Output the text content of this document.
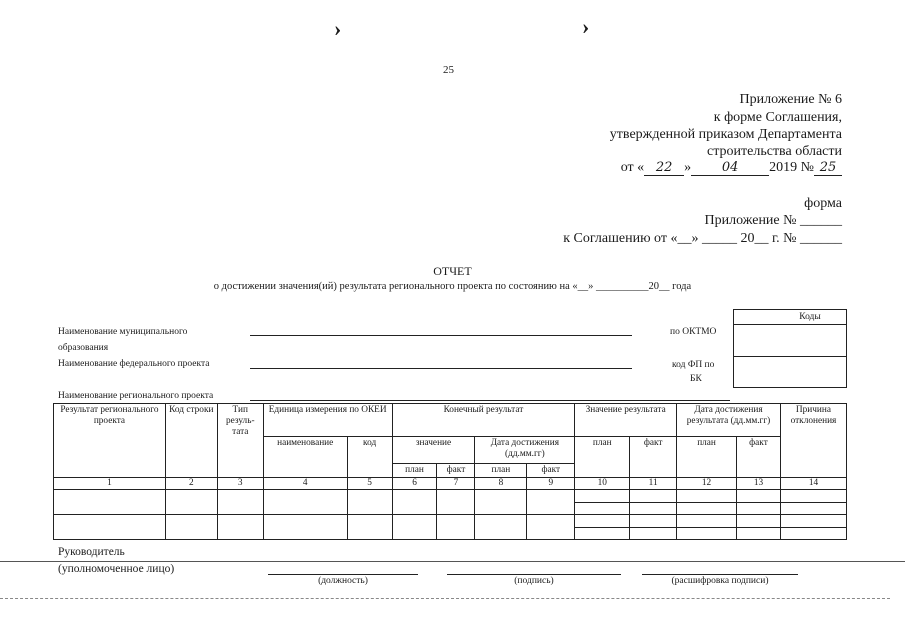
›	›
25
Приложение № 6
к форме Соглашения,
утвержденной приказом Департамента
строительства области
от « 22 » 04 2019 № 25
форма
Приложение № ______
к Соглашению от «__» _____ 20__ г. № ______
ОТЧЕТ
о достижении значения(ий) результата регионального проекта по состоянию на «__» __________20__ года
Наименование муниципального
образования
Наименование федерального проекта
Наименование регионального проекта
по ОКТМО
код ФП по
БК
Коды
Результат регионального проекта	Код строки	Тип резуль-тата	Единица измерения по ОКЕИ		Конечный результат				Значение результата		Дата достижения результата (дд.мм.гг)		Причина отклонения
			наименование	код	значение		Дата достижения (дд.мм.гг)		план	факт	план	факт	
					план	факт	план	факт					
1	2	3	4	5	6	7	8	9	10	11	12	13	14

Руководитель
(уполномоченное лицо)
(должность)	(подпись)	(расшифровка подписи)
